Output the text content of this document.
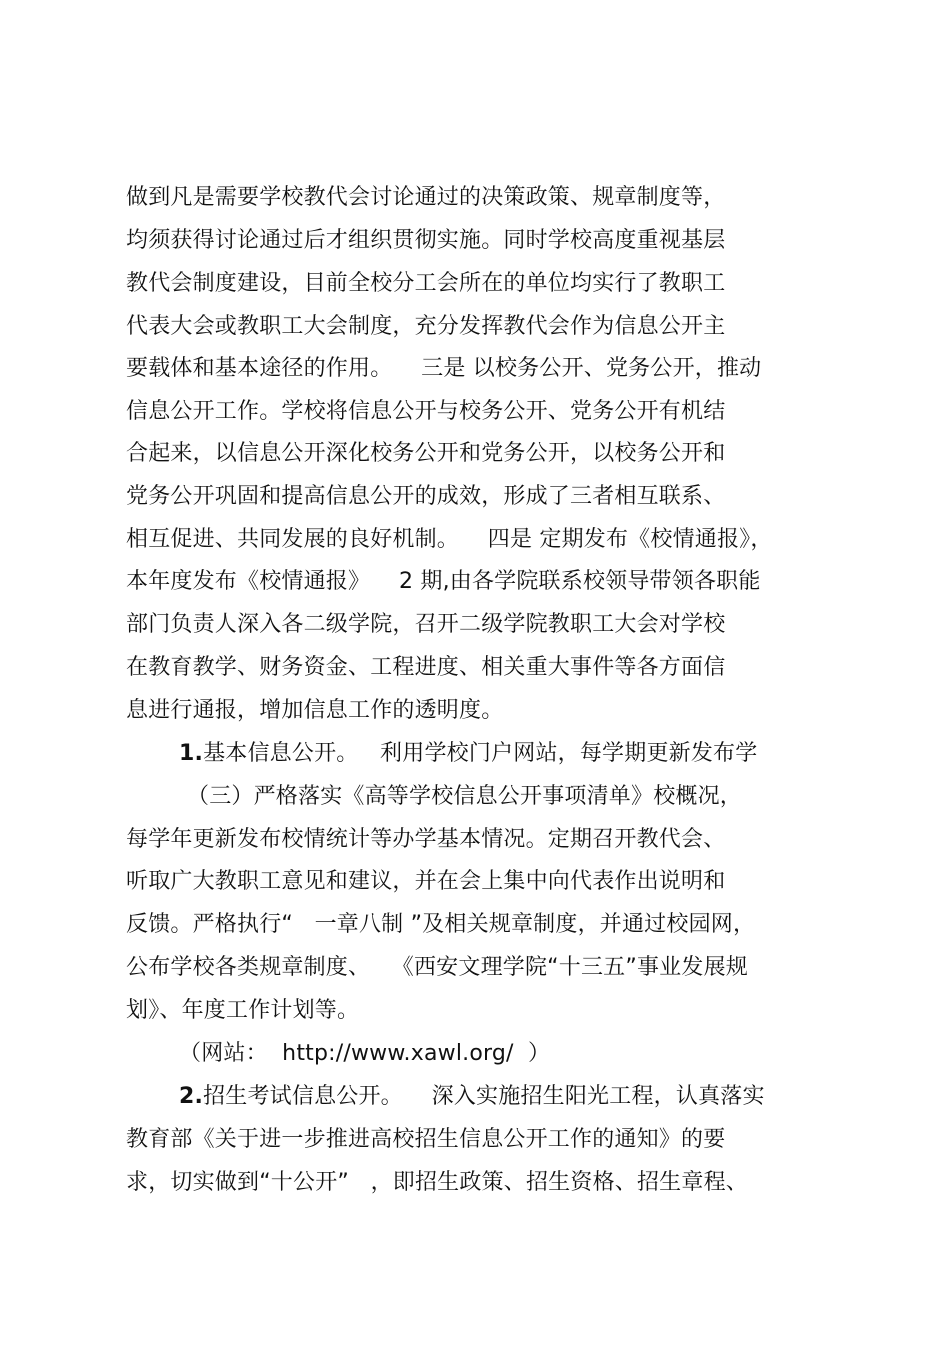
做到凡是需要学校教代会讨论通过的决策政策、规章制度等，
均须获得讨论通过后才组织贯彻实施。同时学校高度重视基层
教代会制度建设，目前全校分工会所在的单位均实行了教职工
代表大会或教职工大会制度，充分发挥教代会作为信息公开主
要载体和基本途径的作用。    三是 以校务公开、党务公开，推动
信息公开工作。学校将信息公开与校务公开、党务公开有机结
合起来，以信息公开深化校务公开和党务公开，以校务公开和
党务公开巩固和提高信息公开的成效，形成了三者相互联系、
相互促进、共同发展的良好机制。    四是 定期发布《校情通报》，
本年度发布《校情通报》    2 期,由各学院联系校领导带领各职能
部门负责人深入各二级学院，召开二级学院教职工大会对学校
在教育教学、财务资金、工程进度、相关重大事件等各方面信
息进行通报，增加信息工作的透明度。
1.基本信息公开。   利用学校门户网站，每学期更新发布学
（三）严格落实《高等学校信息公开事项清单》校概况，
每学年更新发布校情统计等办学基本情况。定期召开教代会、
听取广大教职工意见和建议，并在会上集中向代表作出说明和
反馈。严格执行“   一章八制 ”及相关规章制度，并通过校园网，
公布学校各类规章制度、   《西安文理学院“十三五”事业发展规
划》、年度工作计划等。
（网站：  http://www.xawl.org/  ）
2.招生考试信息公开。    深入实施招生阳光工程，认真落实
教育部《关于进一步推进高校招生信息公开工作的通知》的要
求，切实做到“十公开”   ，即招生政策、招生资格、招生章程、
